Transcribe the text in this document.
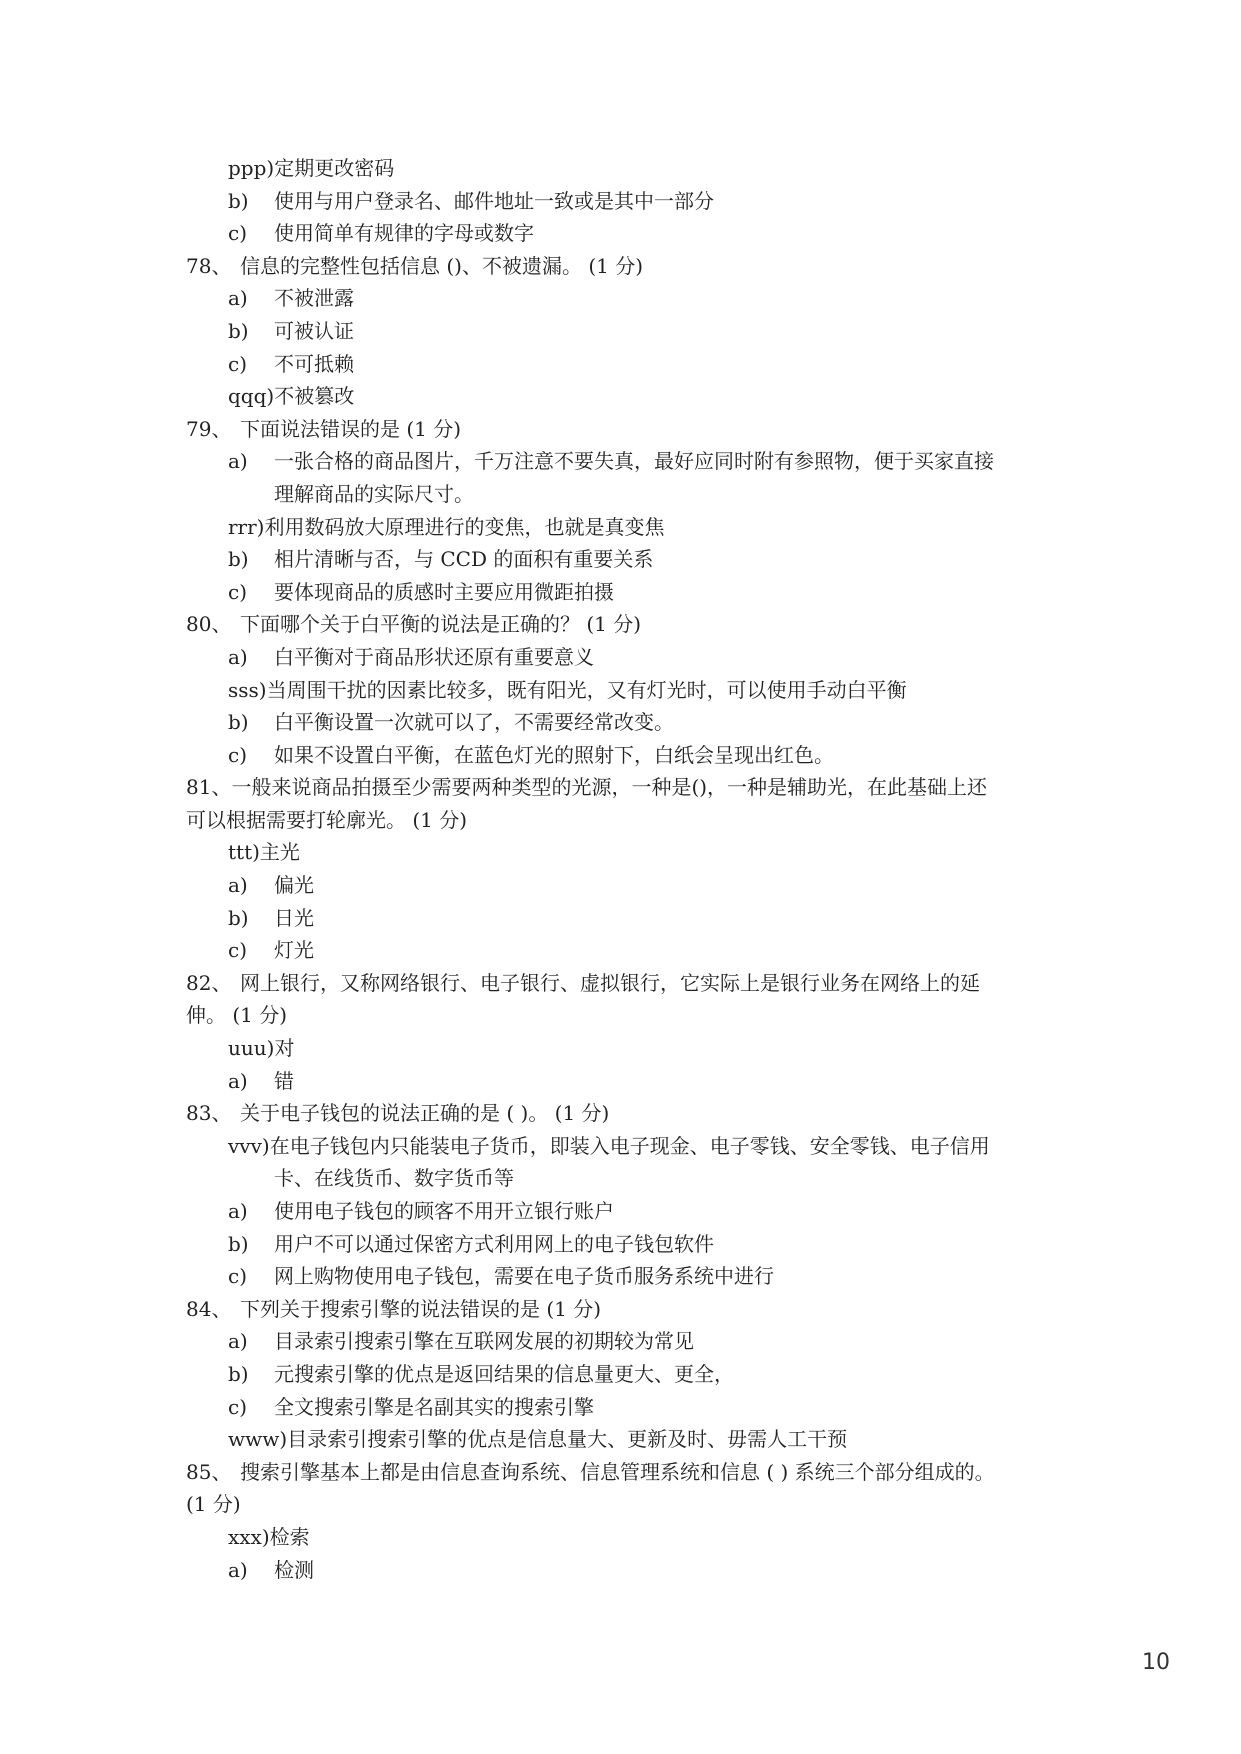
ppp)定期更改密码
b) 使用与用户登录名、邮件地址一致或是其中一部分
c) 使用简单有规律的字母或数字
78、 信息的完整性包括信息 ()、不被遗漏。 (1 分)
a) 不被泄露
b) 可被认证
c) 不可抵赖
qqq)不被篡改
79、 下面说法错误的是 (1 分)
a) 一张合格的商品图片，千万注意不要失真，最好应同时附有参照物，便于买家直接
理解商品的实际尺寸。
rrr)利用数码放大原理进行的变焦，也就是真变焦
b) 相片清晰与否，与 CCD 的面积有重要关系
c) 要体现商品的质感时主要应用微距拍摄
80、 下面哪个关于白平衡的说法是正确的？ (1 分)
a) 白平衡对于商品形状还原有重要意义
sss)当周围干扰的因素比较多，既有阳光，又有灯光时，可以使用手动白平衡
b) 白平衡设置一次就可以了，不需要经常改变。
c) 如果不设置白平衡，在蓝色灯光的照射下，白纸会呈现出红色。
81、一般来说商品拍摄至少需要两种类型的光源，一种是()，一种是辅助光，在此基础上还
可以根据需要打轮廓光。 (1 分)
ttt)主光
a) 偏光
b) 日光
c) 灯光
82、 网上银行，又称网络银行、电子银行、虚拟银行，它实际上是银行业务在网络上的延
伸。 (1 分)
uuu)对
a) 错
83、 关于电子钱包的说法正确的是 ( )。 (1 分)
vvv)在电子钱包内只能装电子货币，即装入电子现金、电子零钱、安全零钱、电子信用
卡、在线货币、数字货币等
a) 使用电子钱包的顾客不用开立银行账户
b) 用户不可以通过保密方式利用网上的电子钱包软件
c) 网上购物使用电子钱包，需要在电子货币服务系统中进行
84、 下列关于搜索引擎的说法错误的是 (1 分)
a) 目录索引搜索引擎在互联网发展的初期较为常见
b) 元搜索引擎的优点是返回结果的信息量更大、更全，
c) 全文搜索引擎是名副其实的搜索引擎
www)目录索引搜索引擎的优点是信息量大、更新及时、毋需人工干预
85、 搜索引擎基本上都是由信息查询系统、信息管理系统和信息 ( ) 系统三个部分组成的。
(1 分)
xxx)检索
a) 检测
10
